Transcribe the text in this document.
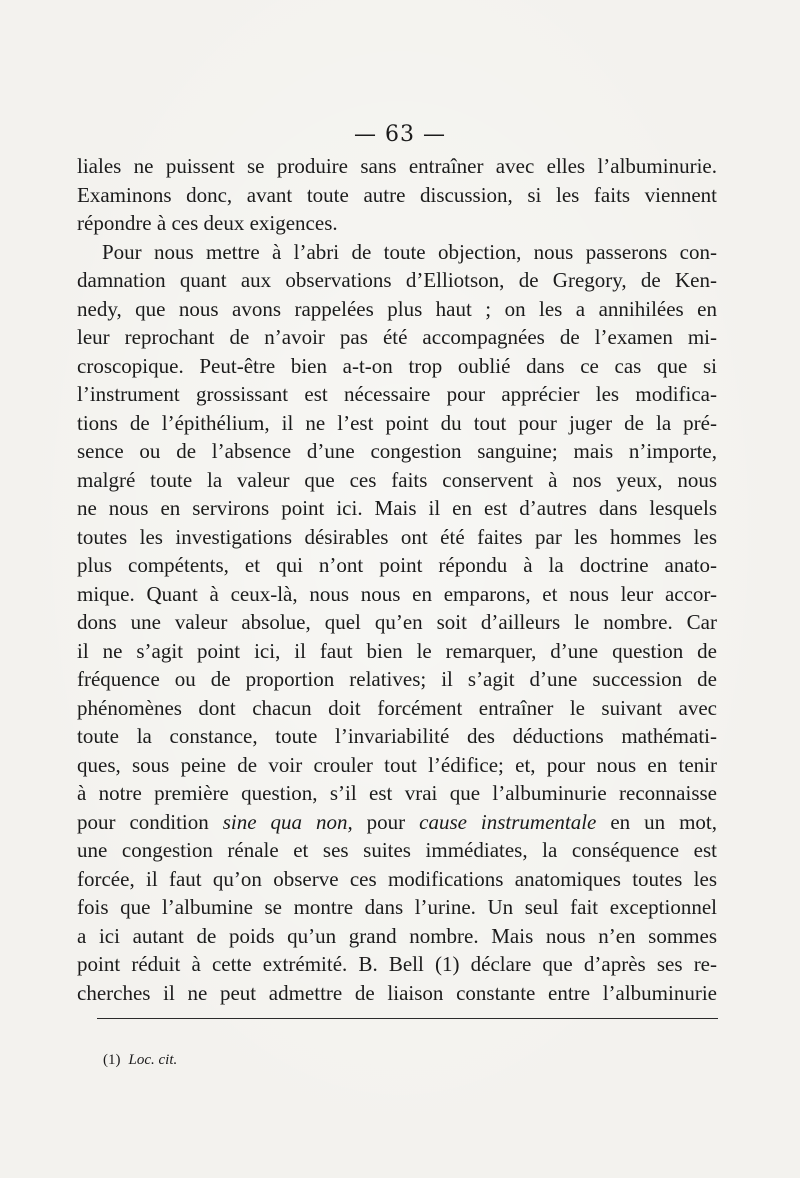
— 63 —
liales ne puissent se produire sans entraîner avec elles l’albuminurie.
Examinons donc, avant toute autre discussion, si les faits viennent
répondre à ces deux exigences.
Pour nous mettre à l’abri de toute objection, nous passerons con-
damnation quant aux observations d’Elliotson, de Gregory, de Ken-
nedy, que nous avons rappelées plus haut ; on les a annihilées en
leur reprochant de n’avoir pas été accompagnées de l’examen mi-
croscopique. Peut-être bien a-t-on trop oublié dans ce cas que si
l’instrument grossissant est nécessaire pour apprécier les modifica-
tions de l’épithélium, il ne l’est point du tout pour juger de la pré-
sence ou de l’absence d’une congestion sanguine; mais n’importe,
malgré toute la valeur que ces faits conservent à nos yeux, nous
ne nous en servirons point ici. Mais il en est d’autres dans lesquels
toutes les investigations désirables ont été faites par les hommes les
plus compétents, et qui n’ont point répondu à la doctrine anato-
mique. Quant à ceux-là, nous nous en emparons, et nous leur accor-
dons une valeur absolue, quel qu’en soit d’ailleurs le nombre. Car
il ne s’agit point ici, il faut bien le remarquer, d’une question de
fréquence ou de proportion relatives; il s’agit d’une succession de
phénomènes dont chacun doit forcément entraîner le suivant avec
toute la constance, toute l’invariabilité des déductions mathémati-
ques, sous peine de voir crouler tout l’édifice; et, pour nous en tenir
à notre première question, s’il est vrai que l’albuminurie reconnaisse
pour condition sine qua non, pour cause instrumentale en un mot,
une congestion rénale et ses suites immédiates, la conséquence est
forcée, il faut qu’on observe ces modifications anatomiques toutes les
fois que l’albumine se montre dans l’urine. Un seul fait exceptionnel
a ici autant de poids qu’un grand nombre. Mais nous n’en sommes
point réduit à cette extrémité. B. Bell (1) déclare que d’après ses re-
cherches il ne peut admettre de liaison constante entre l’albuminurie
(1) Loc. cit.
